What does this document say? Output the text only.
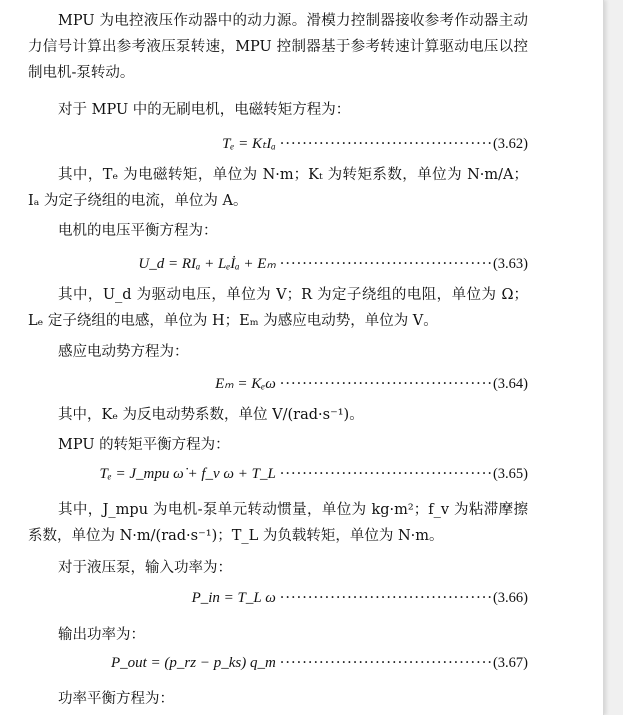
MPU 为电控液压作动器中的动力源。滑模力控制器接收参考作动器主动力信号计算出参考液压泵转速，MPU 控制器基于参考转速计算驱动电压以控制电机-泵转动。
对于 MPU 中的无刷电机，电磁转矩方程为：
Tₑ = KₜIₐ ······································ (3.62)
其中，Tₑ 为电磁转矩，单位为 N·m；Kₜ 为转矩系数，单位为 N·m/A；Iₐ 为定子绕组的电流，单位为 A。
电机的电压平衡方程为：
U_d = RIₐ + Lₑİₐ + Eₘ ······································ (3.63)
其中，U_d 为驱动电压，单位为 V；R 为定子绕组的电阻，单位为 Ω；Lₑ 定子绕组的电感，单位为 H；Eₘ 为感应电动势，单位为 V。
感应电动势方程为：
Eₘ = Kₑω ······································ (3.64)
其中，Kₑ 为反电动势系数，单位 V/(rad·s⁻¹)。
MPU 的转矩平衡方程为：
Tₑ = J_mpu ω̇ + f_v ω + T_L ······································ (3.65)
其中，J_mpu 为电机-泵单元转动惯量，单位为 kg·m²；f_v 为粘滞摩擦系数，单位为 N·m/(rad·s⁻¹)；T_L 为负载转矩，单位为 N·m。
对于液压泵，输入功率为：
P_in = T_L ω ······································ (3.66)
输出功率为：
P_out = (p_rz − p_ks) q_m ······································ (3.67)
功率平衡方程为：
